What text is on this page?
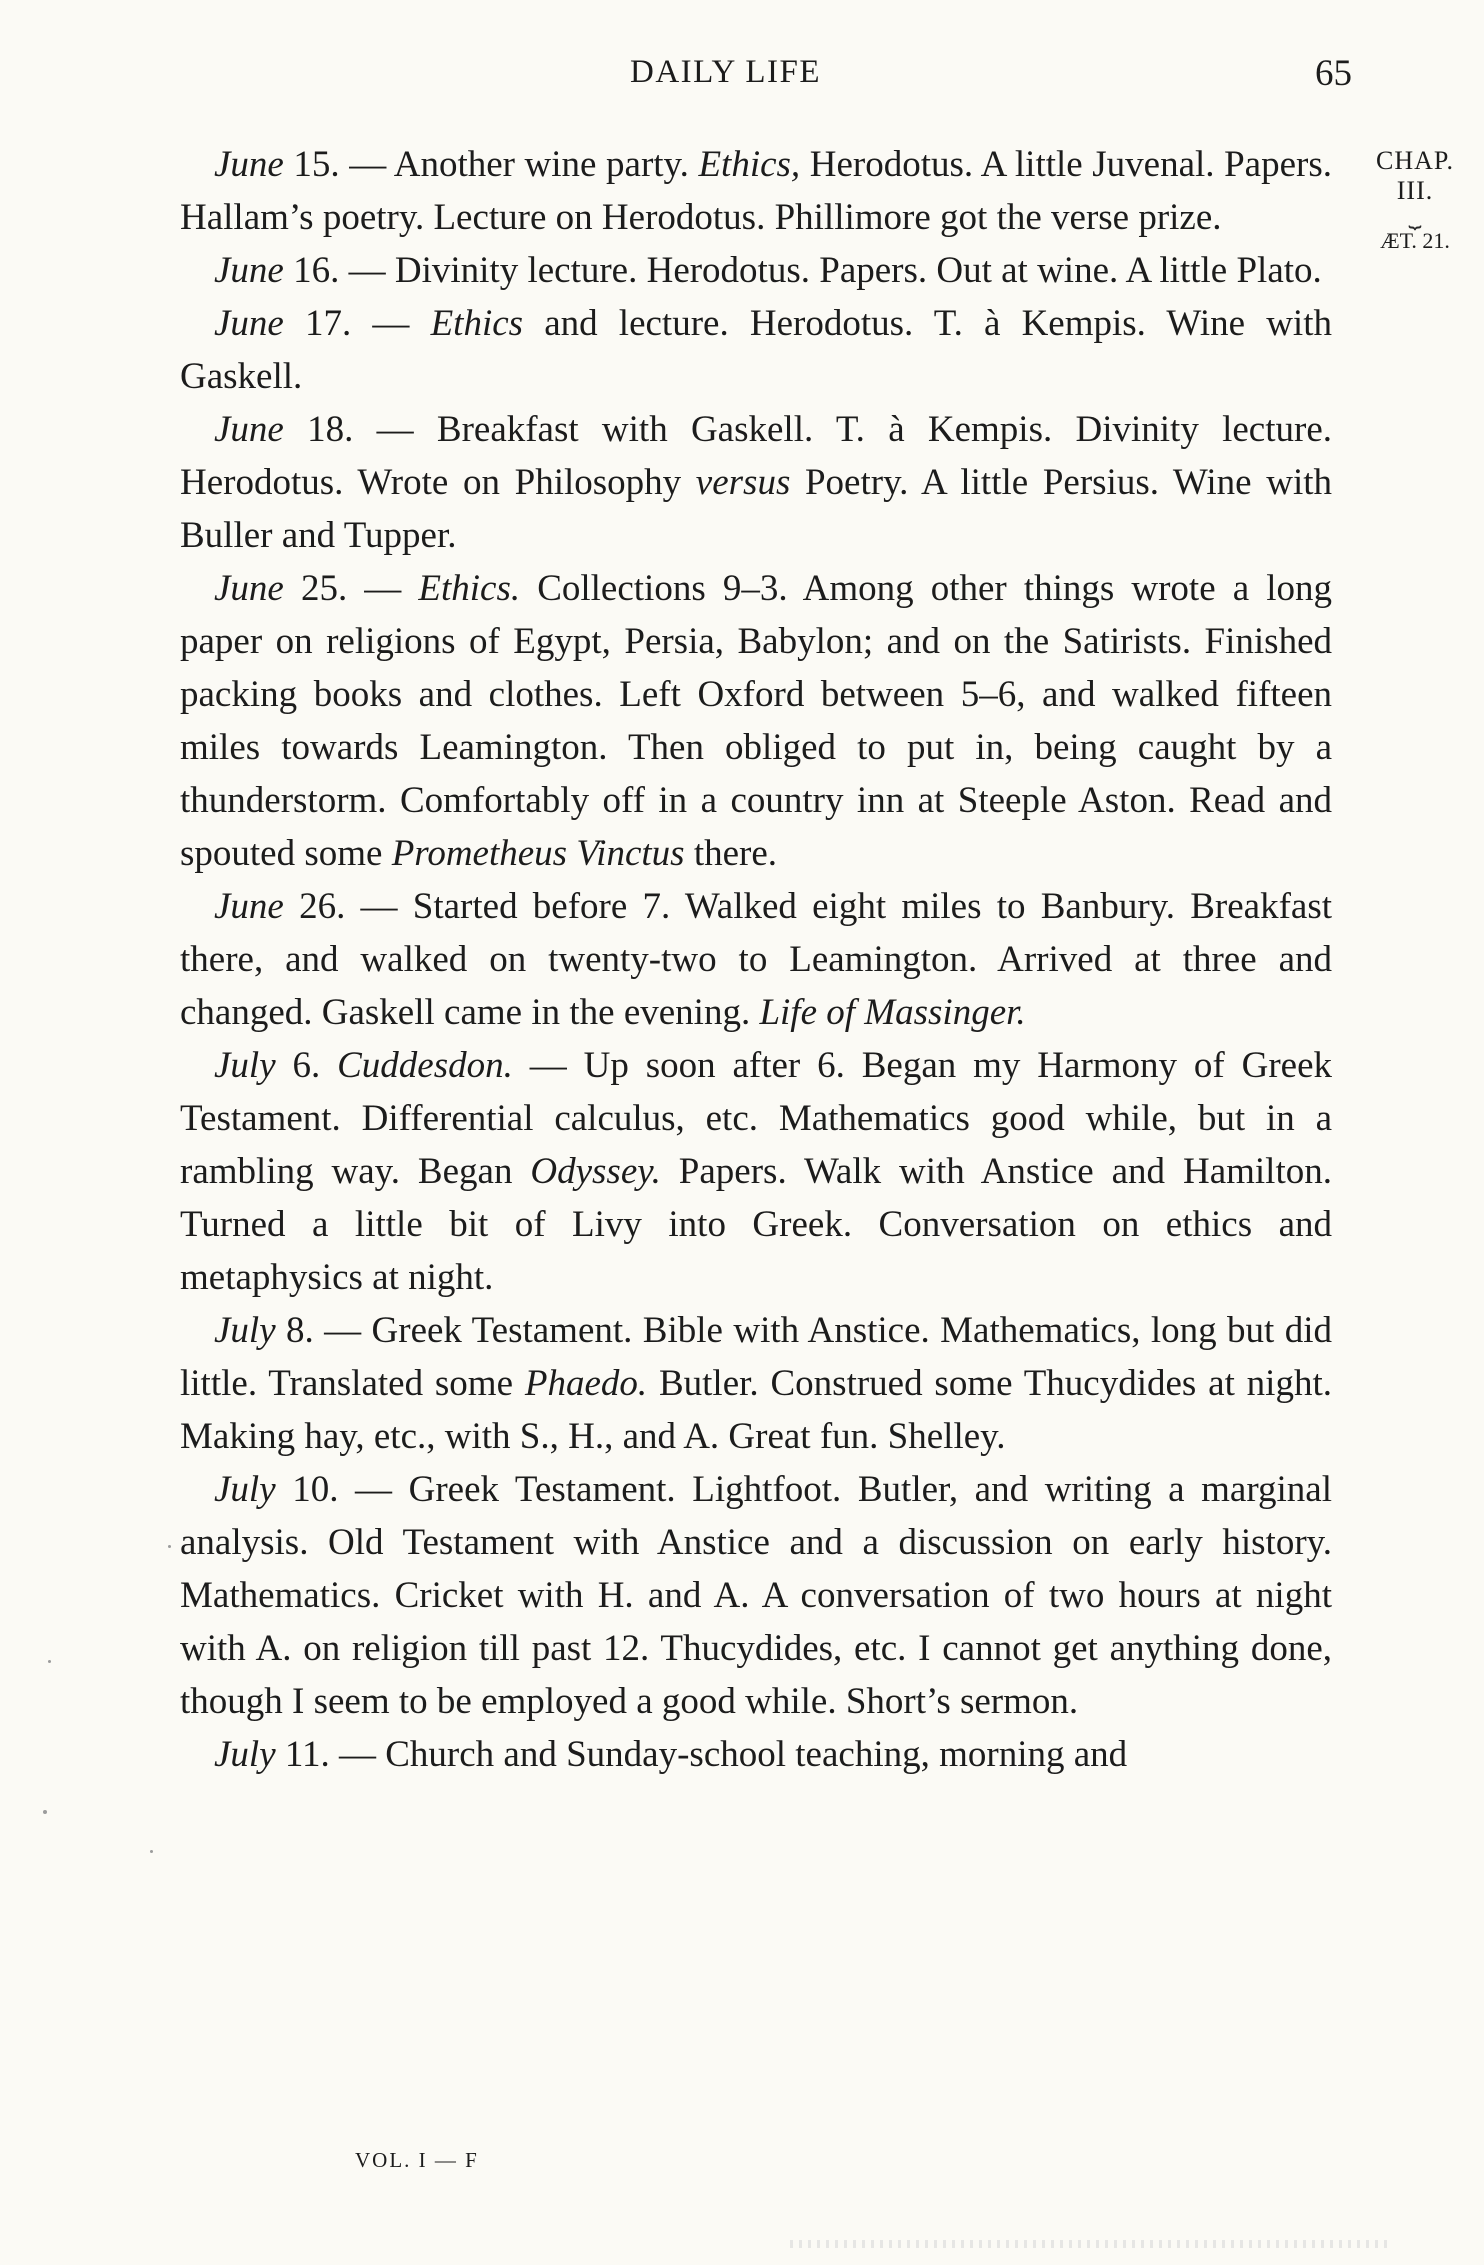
DAILY LIFE	65
CHAP.
III.
⏟
ÆT. 21.

June 15. — Another wine party. Ethics, Herodotus. A little Juvenal. Papers. Hallam’s poetry. Lecture on Herodotus. Phillimore got the verse prize.

June 16. — Divinity lecture. Herodotus. Papers. Out at wine. A little Plato.

June 17. — Ethics and lecture. Herodotus. T. à Kempis. Wine with Gaskell.

June 18. — Breakfast with Gaskell. T. à Kempis. Divinity lecture. Herodotus. Wrote on Philosophy versus Poetry. A little Persius. Wine with Buller and Tupper.

June 25. — Ethics. Collections 9–3. Among other things wrote a long paper on religions of Egypt, Persia, Babylon; and on the Satirists. Finished packing books and clothes. Left Oxford between 5–6, and walked fifteen miles towards Leamington. Then obliged to put in, being caught by a thunderstorm. Comfortably off in a country inn at Steeple Aston. Read and spouted some Prometheus Vinctus there.

June 26. — Started before 7. Walked eight miles to Banbury. Breakfast there, and walked on twenty-two to Leamington. Arrived at three and changed. Gaskell came in the evening. Life of Massinger.

July 6. Cuddesdon. — Up soon after 6. Began my Harmony of Greek Testament. Differential calculus, etc. Mathematics good while, but in a rambling way. Began Odyssey. Papers. Walk with Anstice and Hamilton. Turned a little bit of Livy into Greek. Conversation on ethics and metaphysics at night.

July 8. — Greek Testament. Bible with Anstice. Mathematics, long but did little. Translated some Phaedo. Butler. Construed some Thucydides at night. Making hay, etc., with S., H., and A. Great fun. Shelley.

July 10. — Greek Testament. Lightfoot. Butler, and writing a marginal analysis. Old Testament with Anstice and a discussion on early history. Mathematics. Cricket with H. and A. A conversation of two hours at night with A. on religion till past 12. Thucydides, etc. I cannot get anything done, though I seem to be employed a good while. Short’s sermon.

July 11. — Church and Sunday-school teaching, morning and

VOL. I — F
